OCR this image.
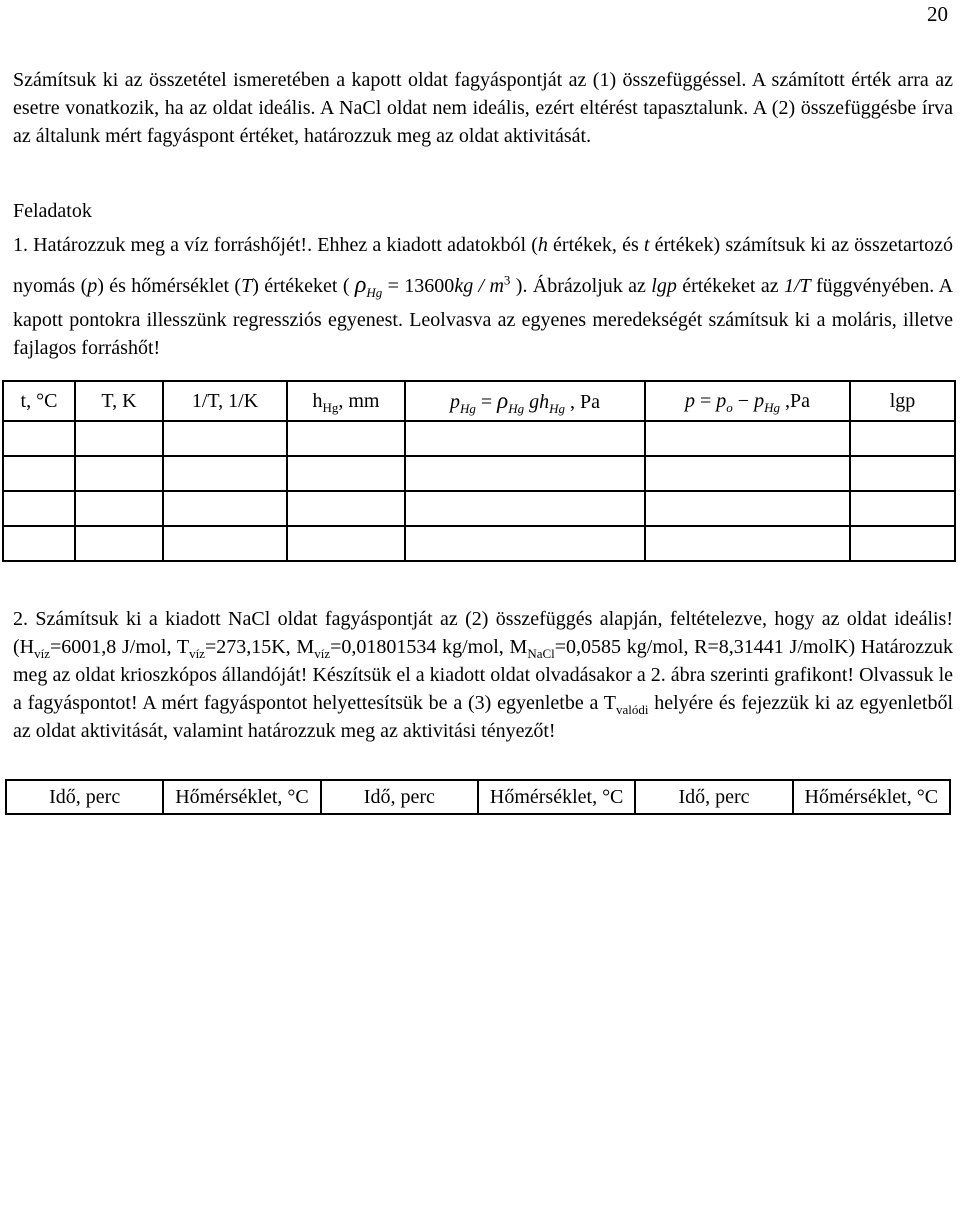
20

Számítsuk ki az összetétel ismeretében a kapott oldat fagyáspontját az (1) összefüggéssel. A számított érték arra az esetre vonatkozik, ha az oldat ideális. A NaCl oldat nem ideális, ezért eltérést tapasztalunk. A (2) összefüggésbe írva az általunk mért fagyáspont értéket, határozzuk meg az oldat aktivitását.

Feladatok

1. Határozzuk meg a víz forráshőjét!. Ehhez a kiadott adatokból (h értékek, és t értékek) számítsuk ki az összetartozó nyomás (p) és hőmérséklet (T) értékeket ( $\rho_{Hg} = 13600kg / m^3$ ). Ábrázoljuk az lgp értékeket az 1/T függvényében. A kapott pontokra illesszünk regressziós egyenest. Leolvasva az egyenes meredekségét számítsuk ki a moláris, illetve fajlagos forráshőt!

t, °C	T, K	1/T, 1/K	$h_{Hg}$, mm	$p_{Hg} = \rho_{Hg}$ $gh_{Hg}$ , Pa	$p = p_o - p_{Hg}$ ,Pa	lgp

2. Számítsuk ki a kiadott NaCl oldat fagyáspontját az (2) összefüggés alapján, feltételezve, hogy az oldat ideális! ($H_{víz}=6001,8$ J/mol, $T_{víz}=273,15K$, $M_{víz}=0,01801534$ kg/mol, $M_{NaCl}=0,0585$ kg/mol, R=8,31441 J/molK) Határozzuk meg az oldat krioszkópos állandóját! Készítsük el a kiadott oldat olvadásakor a 2. ábra szerinti grafikont! Olvassuk le a fagyáspontot! A mért fagyáspontot helyettesítsük be a (3) egyenletbe a $T_{valódi}$ helyére és fejezzük ki az egyenletből az oldat aktivitását, valamint határozzuk meg az aktivitási tényezőt!

Idő, perc	Hőmérséklet, °C	Idő, perc	Hőmérséklet, °C	Idő, perc	Hőmérséklet, °C
